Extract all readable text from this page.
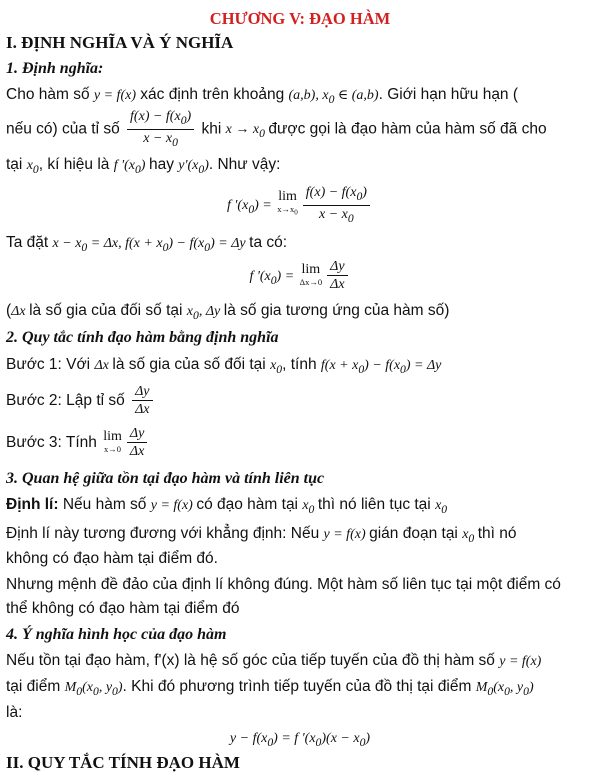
CHƯƠNG V: ĐẠO HÀM
I. ĐỊNH NGHĨA VÀ Ý NGHĨA
1. Định nghĩa:
Cho hàm số y = f(x) xác định trên khoảng (a,b), $x_0$ ∈ (a,b). Giới hạn hữu hạn (
nếu có) của tỉ số $\frac{f(x) - f(x_0)}{x - x_0}$ khi $x \to x_0$ được gọi là đạo hàm của hàm số đã cho
tại $x_0$, kí hiệu là f '$(x_0)$ hay $y'(x_0)$. Như vậy:
f '$(x_0) = \lim$
$x\to x_0 \frac{f(x) - f(x_0)}{x - x_0}$
Ta đặt $x - x_0 = \Delta x$, $f(x + x_0) - f(x_0) = \Delta y$ ta có:
f '$(x_0) = \lim$
$\Delta x\to 0 \frac{\Delta y}{\Delta x}$
(Δx là số gia của đối số tại $x_0$, Δy là số gia tương ứng của hàm số)
2. Quy tắc tính đạo hàm bằng định nghĩa
Bước 1: Với Δx là số gia của số đối tại $x_0$, tính $f(x + x_0) - f(x_0) = \Delta y$
Bước 2: Lập tỉ số $\frac{\Delta y}{\Delta x}$
Bước 3: Tính lim
$x\to 0 \frac{\Delta y}{\Delta x}$
3. Quan hệ giữa tồn tại đạo hàm và tính liên tục
Định lí: Nếu hàm số y = f(x) có đạo hàm tại $x_0$ thì nó liên tục tại $x_0$
Định lí này tương đương với khẳng định: Nếu y = f(x) gián đoạn tại $x_0$ thì nó
không có đạo hàm tại điểm đó.
Nhưng mệnh đề đảo của định lí không đúng. Một hàm số liên tục tại một điểm có
thể không có đạo hàm tại điểm đó
4. Ý nghĩa hình học của đạo hàm
Nếu tồn tại đạo hàm, f'(x) là hệ số góc của tiếp tuyến của đồ thị hàm số y = f(x)
tại điểm $M_0(x_0$, $y_0$). Khi đó phương trình tiếp tuyến của đồ thị tại điểm $M_0(x_0$, $y_0$)
là:
$y - f(x_0) = f$ '$(x_0)(x - x_0)$
II. QUY TẮC TÍNH ĐẠO HÀM
